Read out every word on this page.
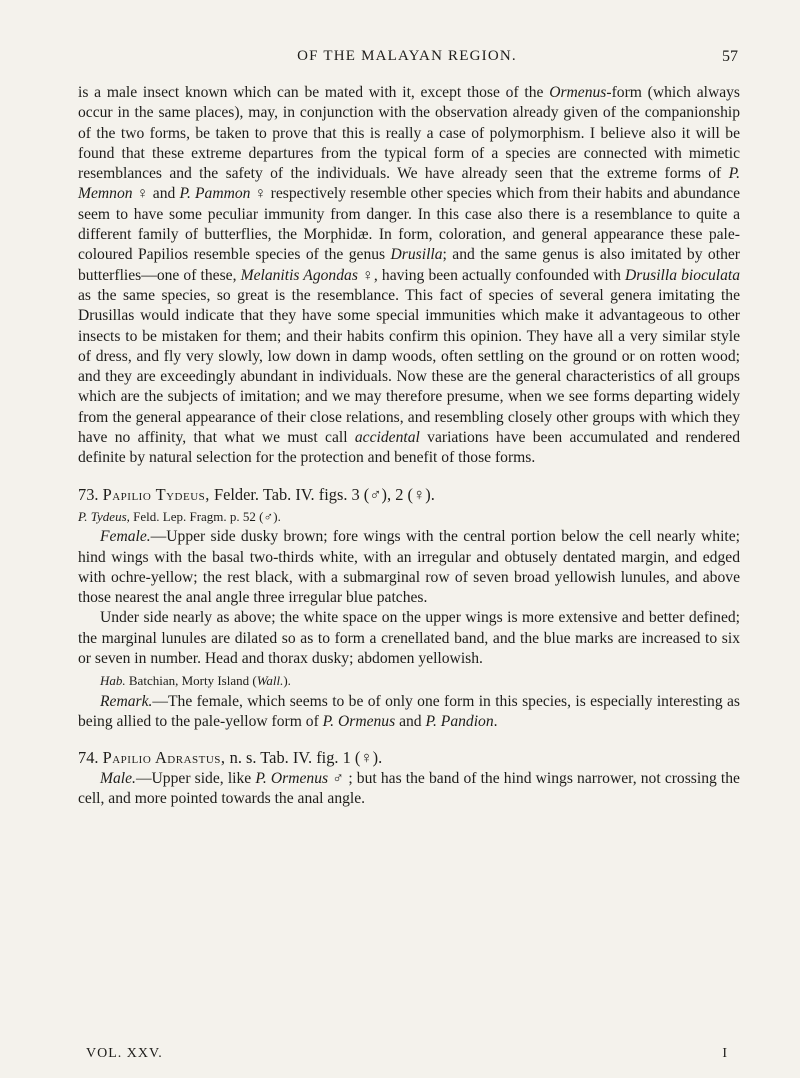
OF THE MALAYAN REGION.	57

is a male insect known which can be mated with it, except those of the Ormenus-form (which always occur in the same places), may, in conjunction with the observation already given of the companionship of the two forms, be taken to prove that this is really a case of polymorphism. I believe also it will be found that these extreme departures from the typical form of a species are connected with mimetic resemblances and the safety of the individuals. We have already seen that the extreme forms of P. Memnon ♀ and P. Pammon ♀ respectively resemble other species which from their habits and abundance seem to have some peculiar immunity from danger. In this case also there is a resemblance to quite a different family of butterflies, the Morphidæ. In form, coloration, and general appearance these pale-coloured Papilios resemble species of the genus Drusilla; and the same genus is also imitated by other butterflies—one of these, Melanitis Agondas ♀, having been actually confounded with Drusilla bioculata as the same species, so great is the resemblance. This fact of species of several genera imitating the Drusillas would indicate that they have some special immunities which make it advantageous to other insects to be mistaken for them; and their habits confirm this opinion. They have all a very similar style of dress, and fly very slowly, low down in damp woods, often settling on the ground or on rotten wood; and they are exceedingly abundant in individuals. Now these are the general characteristics of all groups which are the subjects of imitation; and we may therefore presume, when we see forms departing widely from the general appearance of their close relations, and resembling closely other groups with which they have no affinity, that what we must call accidental variations have been accumulated and rendered definite by natural selection for the protection and benefit of those forms.

73. Papilio Tydeus, Felder. Tab. IV. figs. 3 (♂), 2 (♀).

P. Tydeus, Feld. Lep. Fragm. p. 52 (♂).

Female.—Upper side dusky brown; fore wings with the central portion below the cell nearly white; hind wings with the basal two-thirds white, with an irregular and obtusely dentated margin, and edged with ochre-yellow; the rest black, with a submarginal row of seven broad yellowish lunules, and above those nearest the anal angle three irregular blue patches.

Under side nearly as above; the white space on the upper wings is more extensive and better defined; the marginal lunules are dilated so as to form a crenellated band, and the blue marks are increased to six or seven in number. Head and thorax dusky; abdomen yellowish.

Hab. Batchian, Morty Island (Wall.).

Remark.—The female, which seems to be of only one form in this species, is especially interesting as being allied to the pale-yellow form of P. Ormenus and P. Pandion.

74. Papilio Adrastus, n. s. Tab. IV. fig. 1 (♀).

Male.—Upper side, like P. Ormenus ♂ ; but has the band of the hind wings narrower, not crossing the cell, and more pointed towards the anal angle.

VOL. XXV.	I
